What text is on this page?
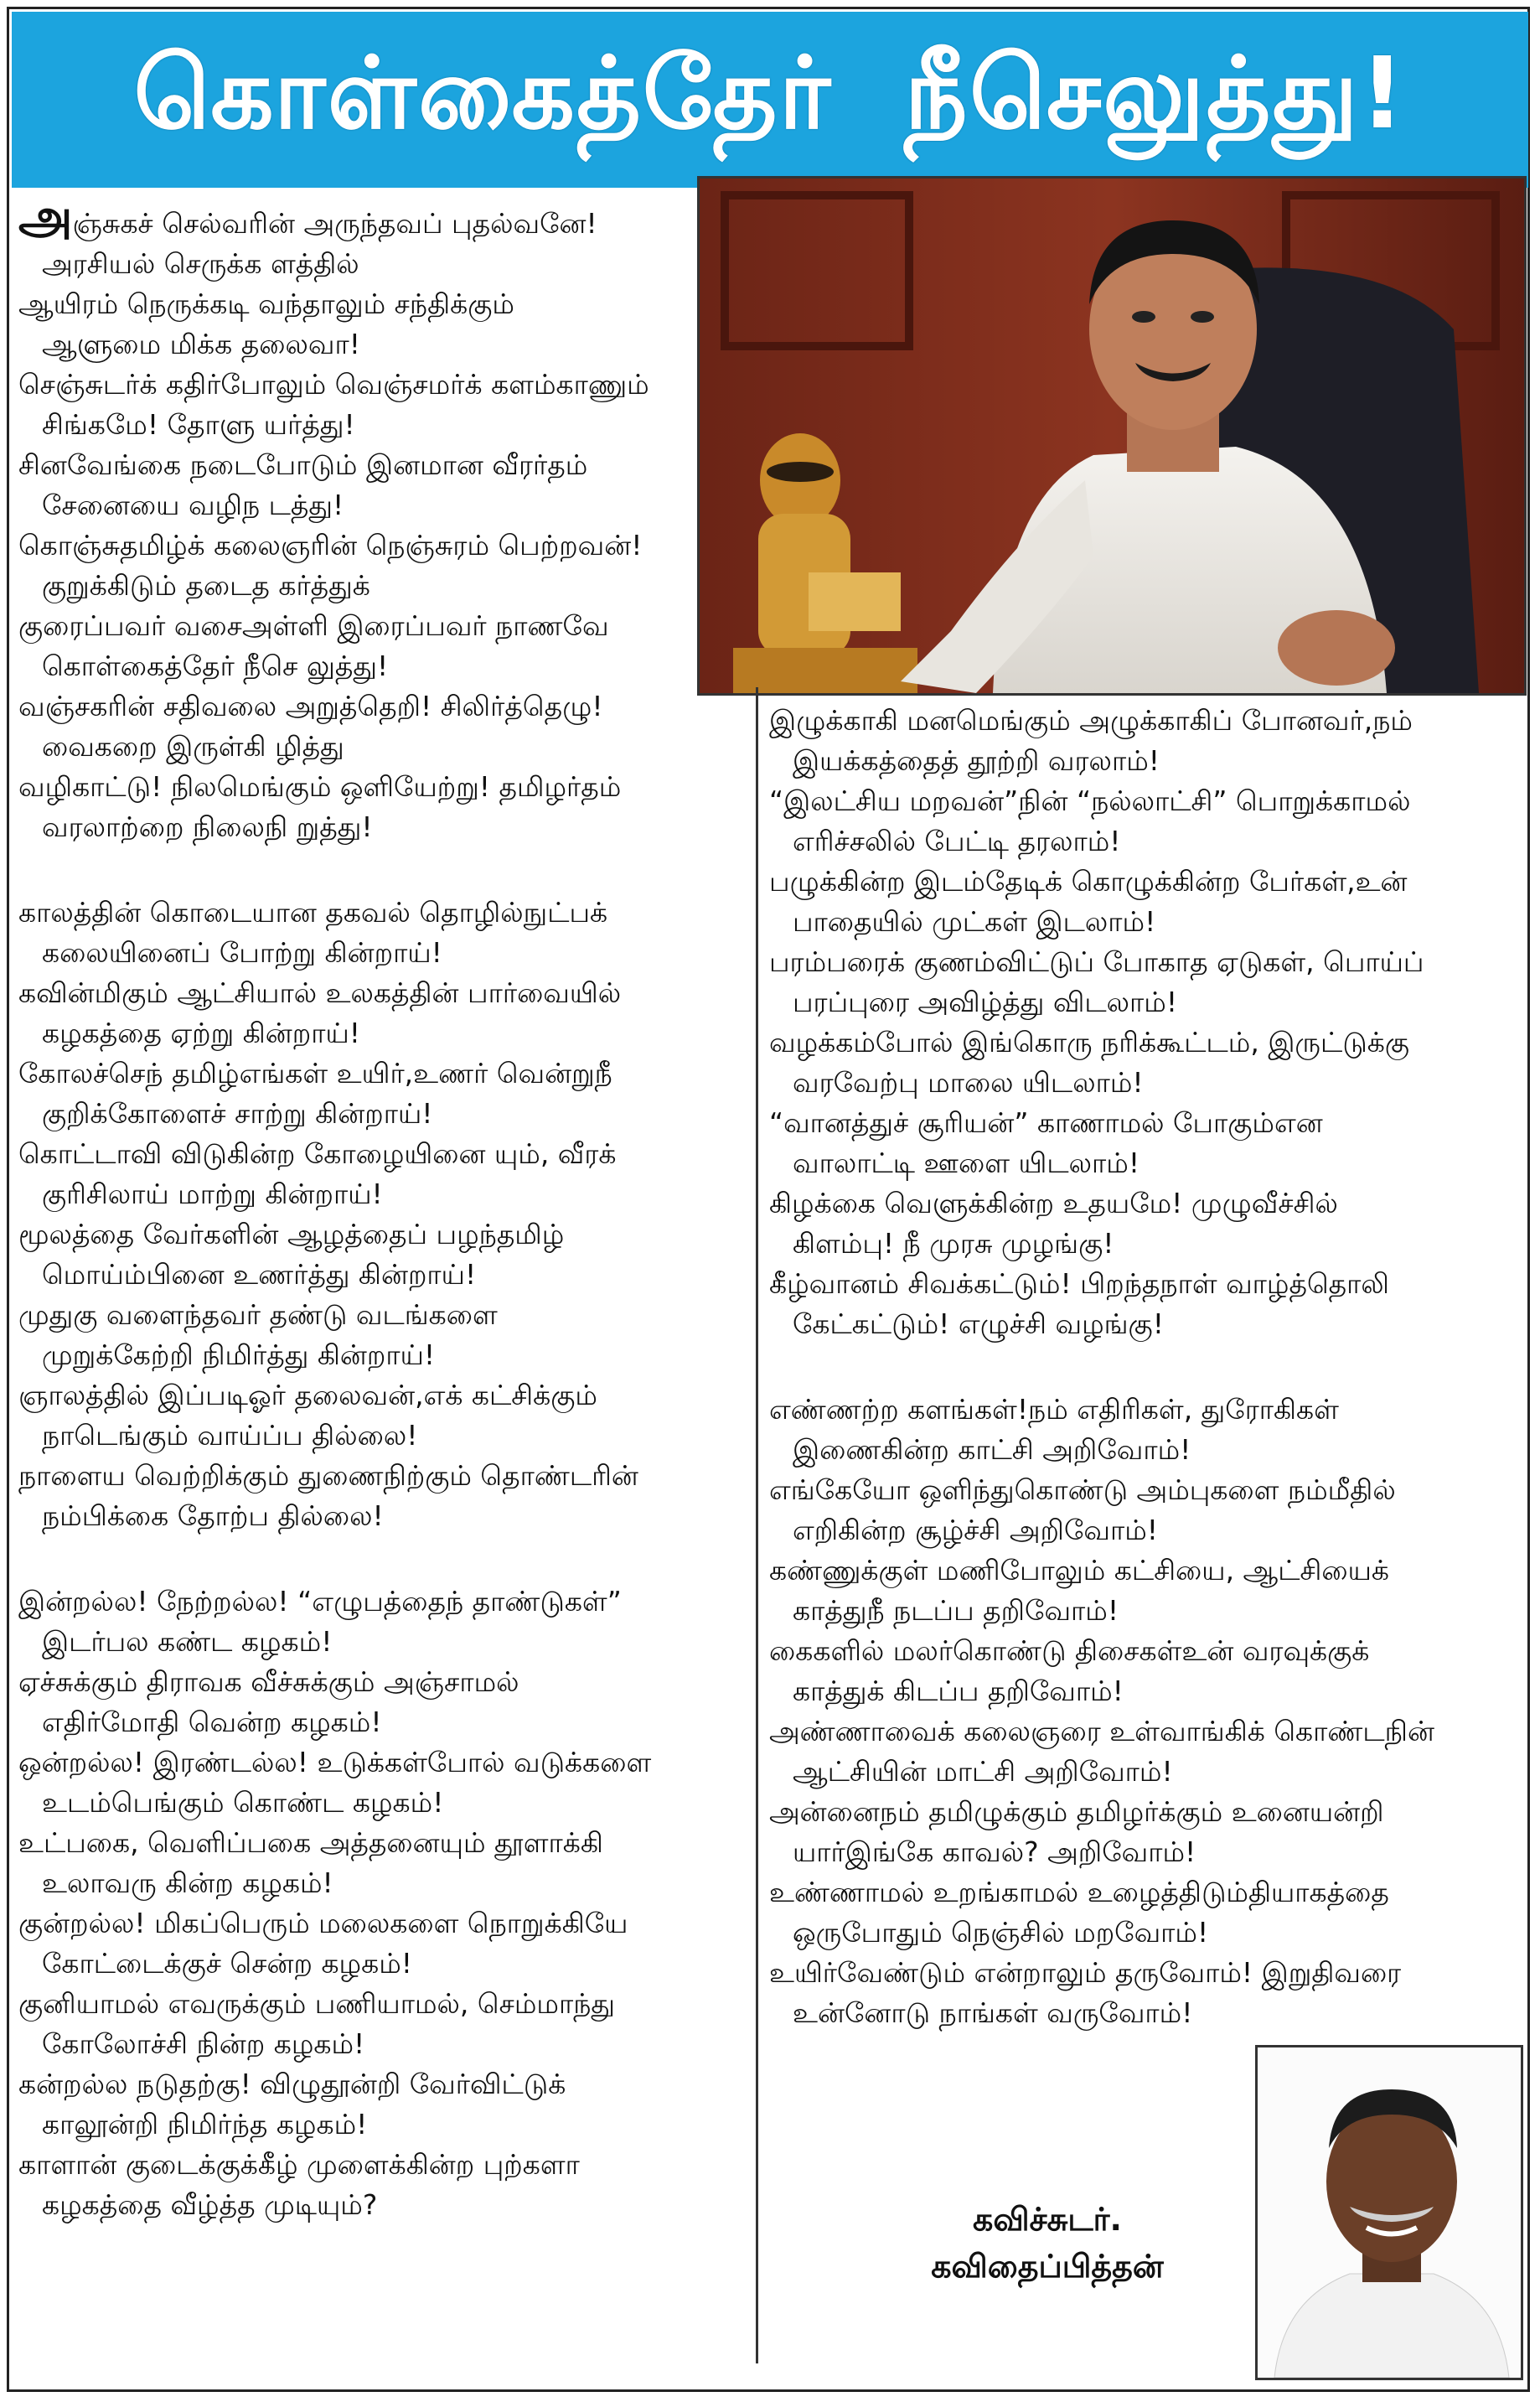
கொள்கைத்தேர்  நீசெலுத்து!
அஞ்சுகச் செல்வரின் அருந்தவப் புதல்வனே!
அரசியல் செருக்க ளத்தில்
ஆயிரம் நெருக்கடி வந்தாலும் சந்திக்கும்
ஆளுமை மிக்க தலைவா!
செஞ்சுடர்க் கதிர்போலும் வெஞ்சமர்க் களம்காணும்
சிங்கமே! தோளு யர்த்து!
சினவேங்கை நடைபோடும் இனமான வீரர்தம்
சேனையை வழிந டத்து!
கொஞ்சுதமிழ்க் கலைஞரின் நெஞ்சுரம் பெற்றவன்!
குறுக்கிடும் தடைத கர்த்துக்
குரைப்பவர் வசைஅள்ளி இரைப்பவர் நாணவே
கொள்கைத்தேர் நீசெ லுத்து!
வஞ்சகரின் சதிவலை அறுத்தெறி! சிலிர்த்தெழு!
வைகறை இருள்கி ழித்து
வழிகாட்டு! நிலமெங்கும் ஒளியேற்று! தமிழர்தம்
வரலாற்றை நிலைநி றுத்து!
காலத்தின் கொடையான தகவல் தொழில்நுட்பக்
கலையினைப் போற்று கின்றாய்!
கவின்மிகும் ஆட்சியால் உலகத்தின் பார்வையில்
கழகத்தை ஏற்று கின்றாய்!
கோலச்செந் தமிழ்எங்கள் உயிர்,உணர் வென்றுநீ
குறிக்கோளைச் சாற்று கின்றாய்!
கொட்டாவி விடுகின்ற கோழையினை யும், வீரக்
குரிசிலாய் மாற்று கின்றாய்!
மூலத்தை வேர்களின் ஆழத்தைப் பழந்தமிழ்
மொய்ம்பினை உணர்த்து கின்றாய்!
முதுகு வளைந்தவர் தண்டு வடங்களை
முறுக்கேற்றி நிமிர்த்து கின்றாய்!
ஞாலத்தில் இப்படிஓர் தலைவன்,எக் கட்சிக்கும்
நாடெங்கும் வாய்ப்ப தில்லை!
நாளைய வெற்றிக்கும் துணைநிற்கும் தொண்டரின்
நம்பிக்கை தோற்ப தில்லை!
இன்றல்ல! நேற்றல்ல! “எழுபத்தைந் தாண்டுகள்”
இடர்பல கண்ட கழகம்!
ஏச்சுக்கும் திராவக வீச்சுக்கும் அஞ்சாமல்
எதிர்மோதி வென்ற கழகம்!
ஒன்றல்ல! இரண்டல்ல! உடுக்கள்போல் வடுக்களை
உடம்பெங்கும் கொண்ட கழகம்!
உட்பகை, வெளிப்பகை அத்தனையும் தூளாக்கி
உலாவரு கின்ற கழகம்!
குன்றல்ல! மிகப்பெரும் மலைகளை நொறுக்கியே
கோட்டைக்குச் சென்ற கழகம்!
குனியாமல் எவருக்கும் பணியாமல், செம்மாந்து
கோலோச்சி நின்ற கழகம்!
கன்றல்ல நடுதற்கு! விழுதூன்றி வேர்விட்டுக்
காலூன்றி நிமிர்ந்த கழகம்!
காளான் குடைக்குக்கீழ் முளைக்கின்ற புற்களா
கழகத்தை வீழ்த்த முடியும்?
இழுக்காகி மனமெங்கும் அழுக்காகிப் போனவர்,நம்
இயக்கத்தைத் தூற்றி வரலாம்!
“இலட்சிய மறவன்”நின் “நல்லாட்சி” பொறுக்காமல்
எரிச்சலில் பேட்டி தரலாம்!
பழுக்கின்ற இடம்தேடிக் கொழுக்கின்ற பேர்கள்,உன்
பாதையில் முட்கள் இடலாம்!
பரம்பரைக் குணம்விட்டுப் போகாத ஏடுகள், பொய்ப்
பரப்புரை அவிழ்த்து விடலாம்!
வழக்கம்போல் இங்கொரு நரிக்கூட்டம், இருட்டுக்கு
வரவேற்பு மாலை யிடலாம்!
“வானத்துச் சூரியன்” காணாமல் போகும்என
வாலாட்டி ஊளை யிடலாம்!
கிழக்கை வெளுக்கின்ற உதயமே! முழுவீச்சில்
கிளம்பு! நீ முரசு முழங்கு!
கீழ்வானம் சிவக்கட்டும்! பிறந்தநாள் வாழ்த்தொலி
கேட்கட்டும்! எழுச்சி வழங்கு!
எண்ணற்ற களங்கள்!நம் எதிரிகள், துரோகிகள்
இணைகின்ற காட்சி அறிவோம்!
எங்கேயோ ஒளிந்துகொண்டு அம்புகளை நம்மீதில்
எறிகின்ற சூழ்ச்சி அறிவோம்!
கண்ணுக்குள் மணிபோலும் கட்சியை, ஆட்சியைக்
காத்துநீ நடப்ப தறிவோம்!
கைகளில் மலர்கொண்டு திசைகள்உன் வரவுக்குக்
காத்துக் கிடப்ப தறிவோம்!
அண்ணாவைக் கலைஞரை உள்வாங்கிக் கொண்டநின்
ஆட்சியின் மாட்சி அறிவோம்!
அன்னைநம் தமிழுக்கும் தமிழர்க்கும் உனையன்றி
யார்இங்கே காவல்? அறிவோம்!
உண்ணாமல் உறங்காமல் உழைத்திடும்தியாகத்தை
ஒருபோதும் நெஞ்சில் மறவோம்!
உயிர்வேண்டும் என்றாலும் தருவோம்! இறுதிவரை
உன்னோடு நாங்கள் வருவோம்!
கவிச்சுடர்.
கவிதைப்பித்தன்
